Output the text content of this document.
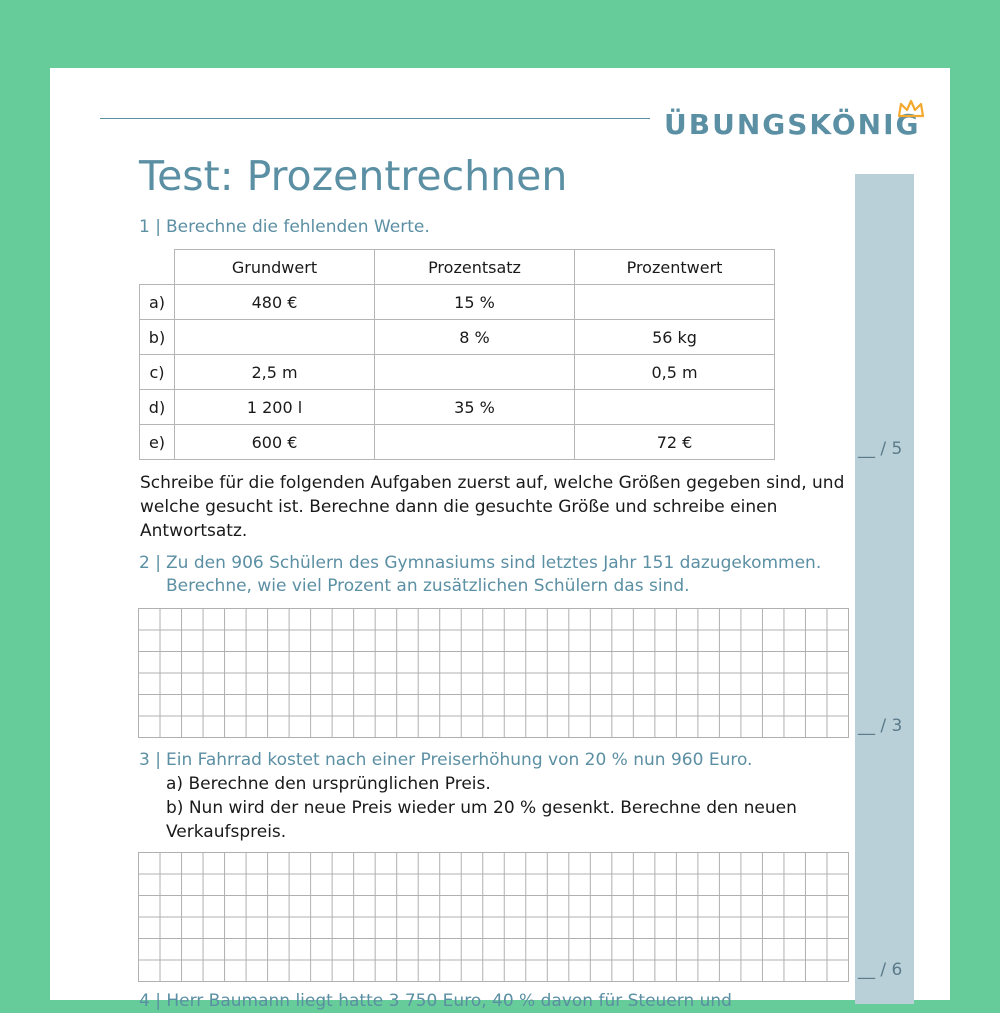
ÜBUNGSKÖNIG
Test: Prozentrechnen
1 | Berechne die fehlenden Werte.
	Grundwert	Prozentsatz	Prozentwert
a)	480 €	15 %	
b)		8 %	56 kg
c)	2,5 m		0,5 m
d)	1 200 l	35 %	
e)	600 €		72 €	__ / 5
Schreibe für die folgenden Aufgaben zuerst auf, welche Größen gegeben sind, und welche gesucht ist. Berechne dann die gesuchte Größe und schreibe einen Antwortsatz.
2 | Zu den 906 Schülern des Gymnasiums sind letztes Jahr 151 dazugekommen.
Berechne, wie viel Prozent an zusätzlichen Schülern das sind.
__ / 3
3 | Ein Fahrrad kostet nach einer Preiserhöhung von 20 % nun 960 Euro.
a) Berechne den ursprünglichen Preis.
b) Nun wird der neue Preis wieder um 20 % gesenkt. Berechne den neuen Verkaufspreis.
__ / 6
4 | Herr Baumann liegt hatte 3 750 Euro, 40 % davon für Steuern und
